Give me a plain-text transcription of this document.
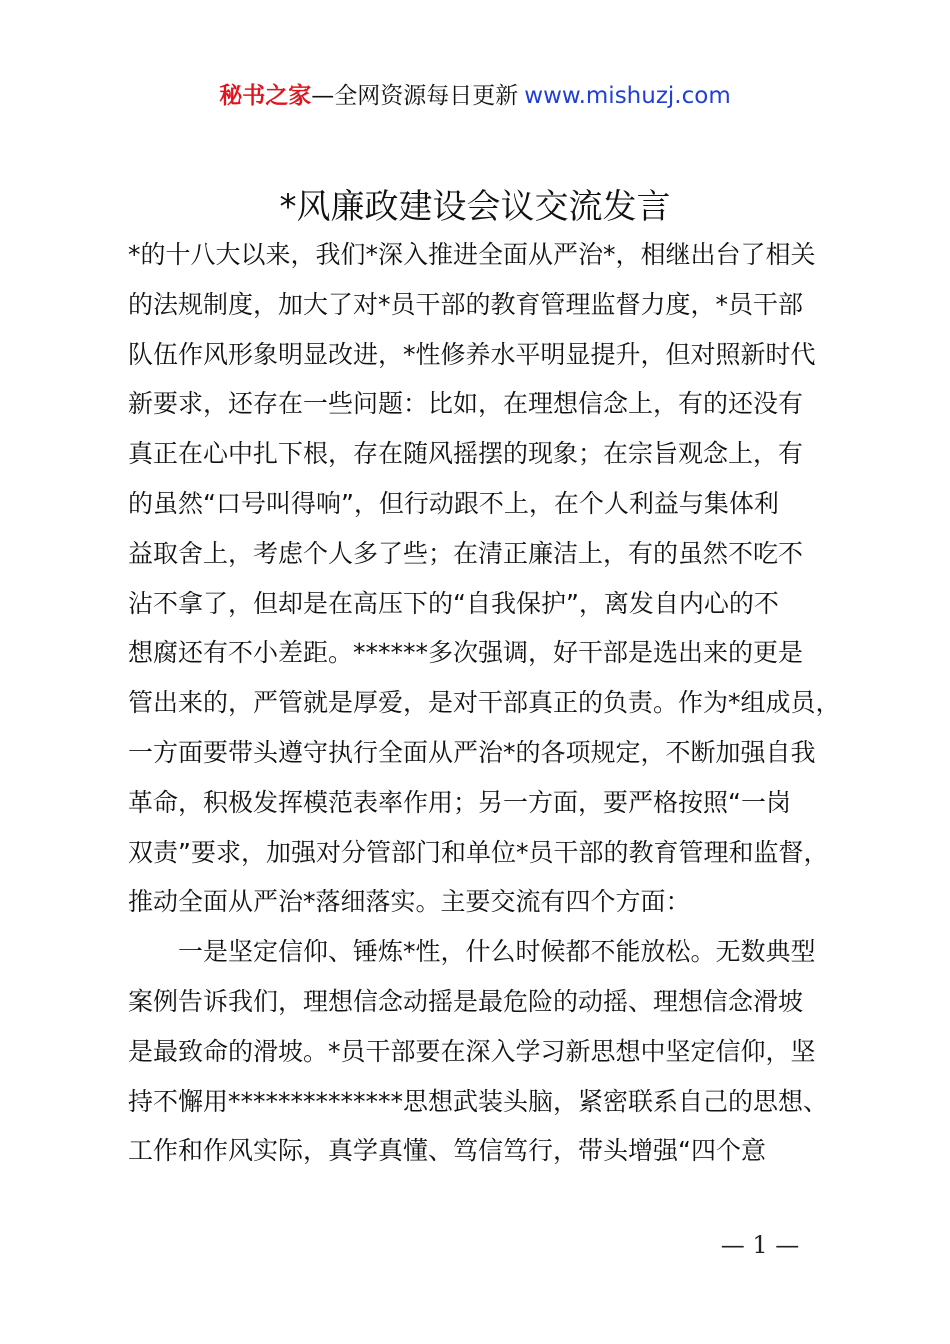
秘书之家—全网资源每日更新 www.mishuzj.com
*风廉政建设会议交流发言
*的十八大以来，我们*深入推进全面从严治*，相继出台了相关
的法规制度，加大了对*员干部的教育管理监督力度，*员干部
队伍作风形象明显改进，*性修养水平明显提升，但对照新时代
新要求，还存在一些问题：比如，在理想信念上，有的还没有
真正在心中扎下根，存在随风摇摆的现象；在宗旨观念上，有
的虽然“口号叫得响”，但行动跟不上，在个人利益与集体利
益取舍上，考虑个人多了些；在清正廉洁上，有的虽然不吃不
沾不拿了，但却是在高压下的“自我保护”，离发自内心的不
想腐还有不小差距。******多次强调，好干部是选出来的更是
管出来的，严管就是厚爱，是对干部真正的负责。作为*组成员，
一方面要带头遵守执行全面从严治*的各项规定，不断加强自我
革命，积极发挥模范表率作用；另一方面，要严格按照“一岗
双责”要求，加强对分管部门和单位*员干部的教育管理和监督，
推动全面从严治*落细落实。主要交流有四个方面：
一是坚定信仰、锤炼*性，什么时候都不能放松。无数典型
案例告诉我们，理想信念动摇是最危险的动摇、理想信念滑坡
是最致命的滑坡。*员干部要在深入学习新思想中坚定信仰，坚
持不懈用**************思想武装头脑，紧密联系自己的思想、
工作和作风实际，真学真懂、笃信笃行，带头增强“四个意
— 1 —
